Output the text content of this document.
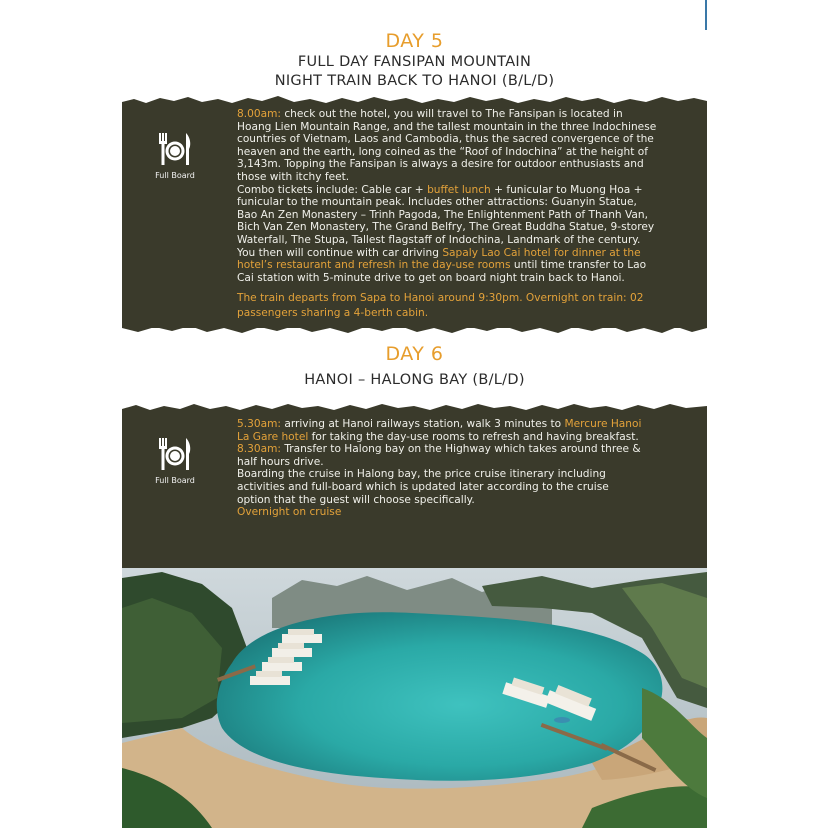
DAY 5
FULL DAY FANSIPAN MOUNTAIN
NIGHT TRAIN BACK TO HANOI (B/L/D)
Full Board

8.00am: check out the hotel, you will travel to The Fansipan is located in Hoang Lien Mountain Range, and the tallest mountain in the three Indochinese countries of Vietnam, Laos and Cambodia, thus the sacred convergence of the heaven and the earth, long coined as the “Roof of Indochina” at the height of 3,143m. Topping the Fansipan is always a desire for outdoor enthusiasts and those with itchy feet.

Combo tickets include: Cable car + buffet lunch + funicular to Muong Hoa + funicular to the mountain peak. Includes other attractions: Guanyin Statue, Bao An Zen Monastery – Trinh Pagoda, The Enlightenment Path of Thanh Van, Bich Van Zen Monastery, The Grand Belfry, The Great Buddha Statue, 9-storey Waterfall, The Stupa, Tallest flagstaff of Indochina, Landmark of the century.

You then will continue with car driving Sapaly Lao Cai hotel for dinner at the hotel’s restaurant and refresh in the day-use rooms until time transfer to Lao Cai station with 5-minute drive to get on board night train back to Hanoi.

The train departs from Sapa to Hanoi around 9:30pm. Overnight on train: 02 passengers sharing a 4-berth cabin.

DAY 6
HANOI – HALONG BAY (B/L/D)
Full Board

5.30am: arriving at Hanoi railways station, walk 3 minutes to Mercure Hanoi La Gare hotel for taking the day-use rooms to refresh and having breakfast.

8.30am: Transfer to Halong bay on the Highway which takes around three & half hours drive.

Boarding the cruise in Halong bay, the price cruise itinerary including activities and full-board which is updated later according to the cruise option that the guest will choose specifically.

Overnight on cruise
